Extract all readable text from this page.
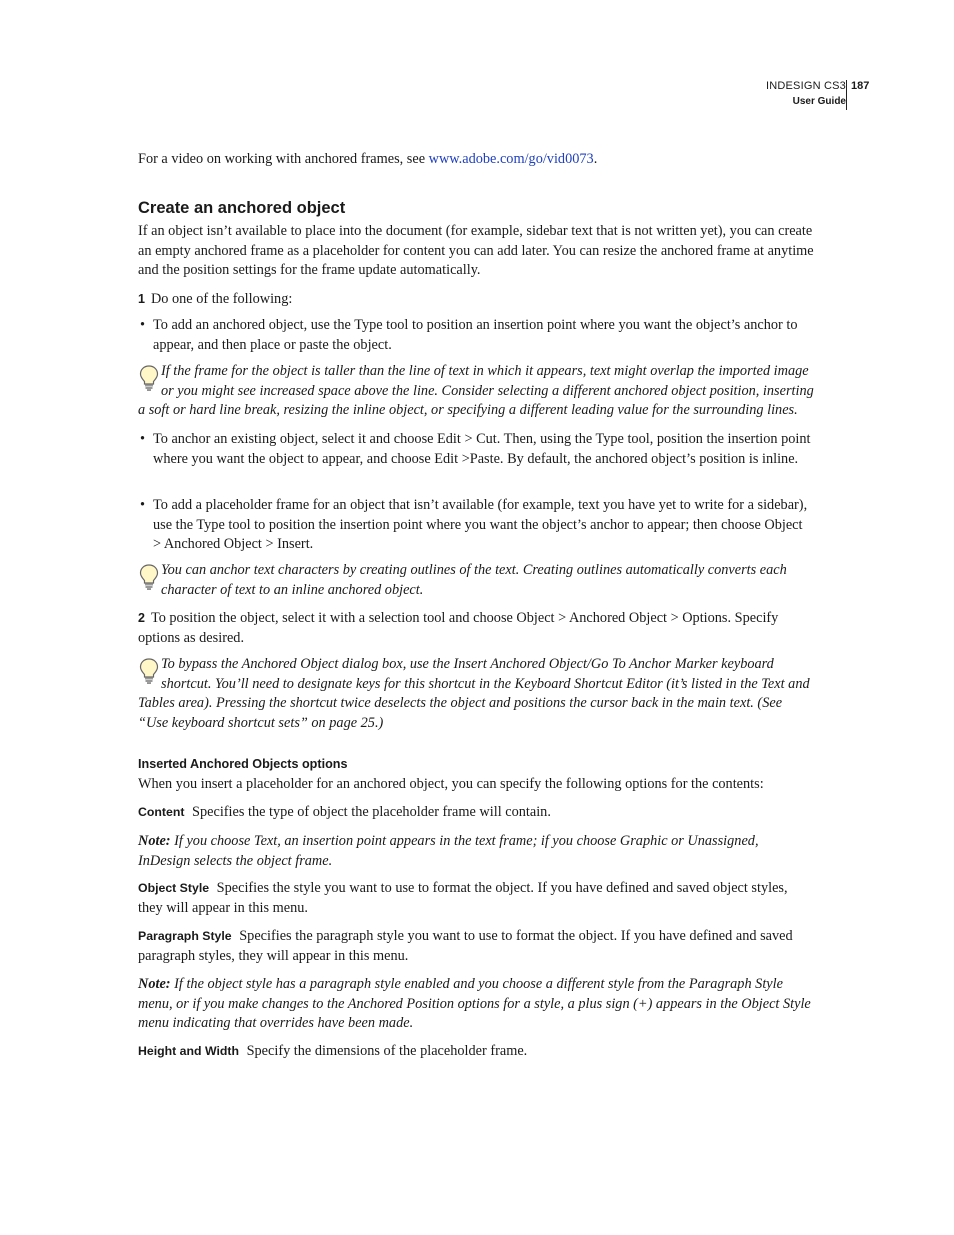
INDESIGN CS3
User Guide
187

For a video on working with anchored frames, see www.adobe.com/go/vid0073.

Create an anchored object

If an object isn’t available to place into the document (for example, sidebar text that is not written yet), you can create an empty anchored frame as a placeholder for content you can add later. You can resize the anchored frame at anytime and the position settings for the frame update automatically.

1 Do one of the following:

• To add an anchored object, use the Type tool to position an insertion point where you want the object’s anchor to appear, and then place or paste the object.
If the frame for the object is taller than the line of text in which it appears, text might overlap the imported image or you might see increased space above the line. Consider selecting a different anchored object position, inserting a soft or hard line break, resizing the inline object, or specifying a different leading value for the surrounding lines.
• To anchor an existing object, select it and choose Edit > Cut. Then, using the Type tool, position the insertion point where you want the object to appear, and choose Edit >Paste. By default, the anchored object’s position is inline.
• To add a placeholder frame for an object that isn’t available (for example, text you have yet to write for a sidebar), use the Type tool to position the insertion point where you want the object’s anchor to appear; then choose Object > Anchored Object > Insert.
You can anchor text characters by creating outlines of the text. Creating outlines automatically converts each character of text to an inline anchored object.

2 To position the object, select it with a selection tool and choose Object > Anchored Object > Options. Specify options as desired.

To bypass the Anchored Object dialog box, use the Insert Anchored Object/Go To Anchor Marker keyboard shortcut. You’ll need to designate keys for this shortcut in the Keyboard Shortcut Editor (it’s listed in the Text and Tables area). Pressing the shortcut twice deselects the object and positions the cursor back in the main text. (See “Use keyboard shortcut sets” on page 25.)
Inserted Anchored Objects options

When you insert a placeholder for an anchored object, you can specify the following options for the contents:

Content Specifies the type of object the placeholder frame will contain.

Note: If you choose Text, an insertion point appears in the text frame; if you choose Graphic or Unassigned, InDesign selects the object frame.

Object Style Specifies the style you want to use to format the object. If you have defined and saved object styles, they will appear in this menu.

Paragraph Style Specifies the paragraph style you want to use to format the object. If you have defined and saved paragraph styles, they will appear in this menu.

Note: If the object style has a paragraph style enabled and you choose a different style from the Paragraph Style menu, or if you make changes to the Anchored Position options for a style, a plus sign (+) appears in the Object Style menu indicating that overrides have been made.

Height and Width Specify the dimensions of the placeholder frame.
